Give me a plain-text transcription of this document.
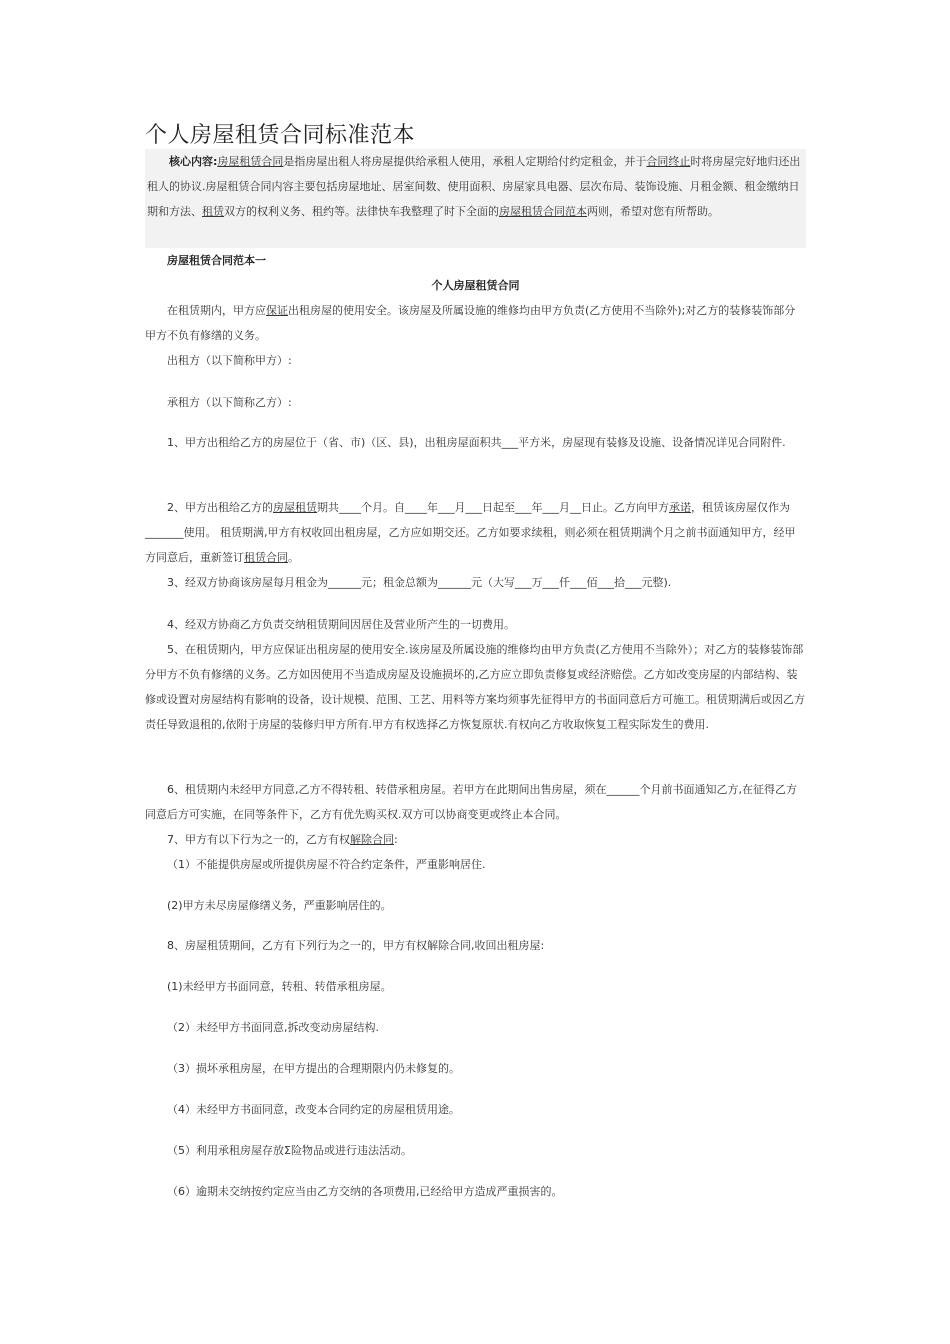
个人房屋租赁合同标准范本

核心内容:房屋租赁合同是指房屋出租人将房屋提供给承租人使用，承租人定期给付约定租金，并于合同终止时将房屋完好地归还出租人的协议.房屋租赁合同内容主要包括房屋地址、居室间数、使用面积、房屋家具电器、层次布局、装饰设施、月租金额、租金缴纳日期和方法、租赁双方的权利义务、租约等。法律快车我整理了时下全面的房屋租赁合同范本两则，希望对您有所帮助。

房屋租赁合同范本一

个人房屋租赁合同

在租赁期内，甲方应保证出租房屋的使用安全。该房屋及所属设施的维修均由甲方负责(乙方使用不当除外);对乙方的装修装饰部分甲方不负有修缮的义务。

出租方（以下简称甲方）:

承租方（以下简称乙方）:

1、甲方出租给乙方的房屋位于（省、市)（区、县)，出租房屋面积共___平方米，房屋现有装修及设施、设备情况详见合同附件.

2、甲方出租给乙方的房屋租赁期共____个月。自____年___月___日起至___年___月__日止。乙方向甲方承诺，租赁该房屋仅作为_______使用。 租赁期满,甲方有权收回出租房屋，乙方应如期交还。乙方如要求续租，则必须在租赁期满个月之前书面通知甲方，经甲方同意后，重新签订租赁合同。

3、经双方协商该房屋每月租金为______元；租金总额为______元（大写___万___仟___佰___拾___元整).

4、经双方协商乙方负责交纳租赁期间因居住及营业所产生的一切费用。

5、在租赁期内，甲方应保证出租房屋的使用安全.该房屋及所属设施的维修均由甲方负责(乙方使用不当除外）；对乙方的装修装饰部分甲方不负有修缮的义务。乙方如因使用不当造成房屋及设施损坏的,乙方应立即负责修复或经济赔偿。乙方如改变房屋的内部结构、装修或设置对房屋结构有影响的设备，设计规模、范围、工艺、用料等方案均须事先征得甲方的书面同意后方可施工。租赁期满后或因乙方责任导致退租的,依附于房屋的装修归甲方所有.甲方有权选择乙方恢复原状.有权向乙方收取恢复工程实际发生的费用.

6、租赁期内未经甲方同意,乙方不得转租、转借承租房屋。若甲方在此期间出售房屋，须在______个月前书面通知乙方,在征得乙方同意后方可实施，在同等条件下，乙方有优先购买权.双方可以协商变更或终止本合同。

7、甲方有以下行为之一的，乙方有权解除合同:

（1）不能提供房屋或所提供房屋不符合约定条件，严重影响居住.

(2)甲方未尽房屋修缮义务，严重影响居住的。

8、房屋租赁期间，乙方有下列行为之一的，甲方有权解除合同,收回出租房屋:

(1)未经甲方书面同意，转租、转借承租房屋。

（2）未经甲方书面同意,拆改变动房屋结构.

（3）损坏承租房屋，在甲方提出的合理期限内仍未修复的。

（4）未经甲方书面同意，改变本合同约定的房屋租赁用途。

（5）利用承租房屋存放Σ险物品或进行违法活动。

（6）逾期未交纳按约定应当由乙方交纳的各项费用,已经给甲方造成严重损害的。
